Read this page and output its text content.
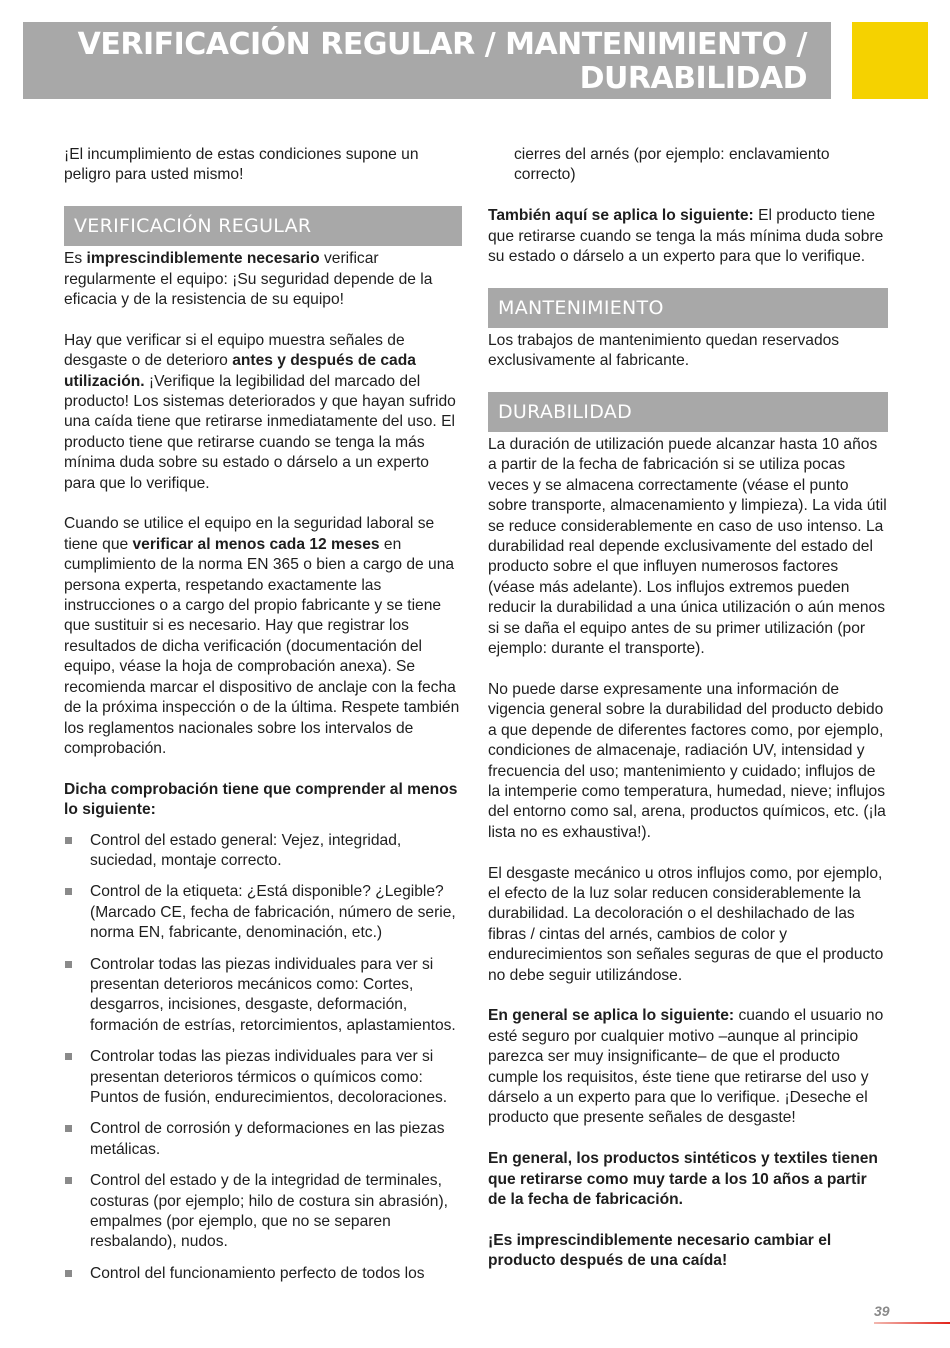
VERIFICACIÓN REGULAR / MANTENIMIENTO /
DURABILIDAD

¡El incumplimiento de estas condiciones supone un peligro para usted mismo!

VERIFICACIÓN REGULAR

Es imprescindiblemente necesario verificar regularmente el equipo: ¡Su seguridad depende de la eficacia y de la resistencia de su equipo!

Hay que verificar si el equipo muestra señales de desgaste o de deterioro antes y después de cada utilización. ¡Verifique la legibilidad del marcado del producto! Los sistemas deteriorados y que hayan sufrido una caída tiene que retirarse inmediatamente del uso. El producto tiene que retirarse cuando se tenga la más mínima duda sobre su estado o dárselo a un experto para que lo verifique.

Cuando se utilice el equipo en la seguridad laboral se tiene que verificar al menos cada 12 meses en cumplimiento de la norma EN 365 o bien a cargo de una persona experta, respetando exactamente las instrucciones o a cargo del propio fabricante y se tiene que sustituir si es necesario. Hay que registrar los resultados de dicha verificación (documentación del equipo, véase la hoja de comprobación anexa). Se recomienda marcar el dispositivo de anclaje con la fecha de la próxima inspección o de la última. Respete también los reglamentos nacionales sobre los intervalos de comprobación.

Dicha comprobación tiene que comprender al menos lo siguiente:

Control del estado general: Vejez, integridad, suciedad, montaje correcto.
Control de la etiqueta: ¿Está disponible? ¿Legible? (Marcado CE, fecha de fabricación, número de serie, norma EN, fabricante, denominación, etc.)
Controlar todas las piezas individuales para ver si presentan deterioros mecánicos como: Cortes, desgarros, incisiones, desgaste, deformación, formación de estrías, retorcimientos, aplastamientos.
Controlar todas las piezas individuales para ver si presentan deterioros térmicos o químicos como: Puntos de fusión, endurecimientos, decoloraciones.
Control de corrosión y deformaciones en las piezas metálicas.
Control del estado y de la integridad de terminales, costuras (por ejemplo; hilo de costura sin abrasión), empalmes (por ejemplo, que no se separen resbalando), nudos.
Control del funcionamiento perfecto de todos los
cierres del arnés (por ejemplo: enclavamiento correcto)

También aquí se aplica lo siguiente: El producto tiene que retirarse cuando se tenga la más mínima duda sobre su estado o dárselo a un experto para que lo verifique.

MANTENIMIENTO

Los trabajos de mantenimiento quedan reservados exclusivamente al fabricante.

DURABILIDAD

La duración de utilización puede alcanzar hasta 10 años a partir de la fecha de fabricación si se utiliza pocas veces y se almacena correctamente (véase el punto sobre transporte, almacenamiento y limpieza). La vida útil se reduce considerablemente en caso de uso intenso. La durabilidad real depende exclusivamente del estado del producto sobre el que influyen numerosos factores (véase más adelante). Los influjos extremos pueden reducir la durabilidad a una única utilización o aún menos si se daña el equipo antes de su primer utilización (por ejemplo: durante el transporte).

No puede darse expresamente una información de vigencia general sobre la durabilidad del producto debido a que depende de diferentes factores como, por ejemplo, condiciones de almacenaje, radiación UV, intensidad y frecuencia del uso; mantenimiento y cuidado; influjos de la intemperie como temperatura, humedad, nieve; influjos del entorno como sal, arena, productos químicos, etc. (¡la lista no es exhaustiva!).

El desgaste mecánico u otros influjos como, por ejemplo, el efecto de la luz solar reducen considerablemente la durabilidad. La decoloración o el deshilachado de las fibras / cintas del arnés, cambios de color y endurecimientos son señales seguras de que el producto no debe seguir utilizándose.

En general se aplica lo siguiente: cuando el usuario no esté seguro por cualquier motivo –aunque al principio parezca ser muy insignificante– de que el producto cumple los requisitos, éste tiene que retirarse del uso y dárselo a un experto para que lo verifique. ¡Deseche el producto que presente señales de desgaste!

En general, los productos sintéticos y textiles tienen que retirarse como muy tarde a los 10 años a partir de la fecha de fabricación.

¡Es imprescindiblemente necesario cambiar el producto después de una caída!

39
